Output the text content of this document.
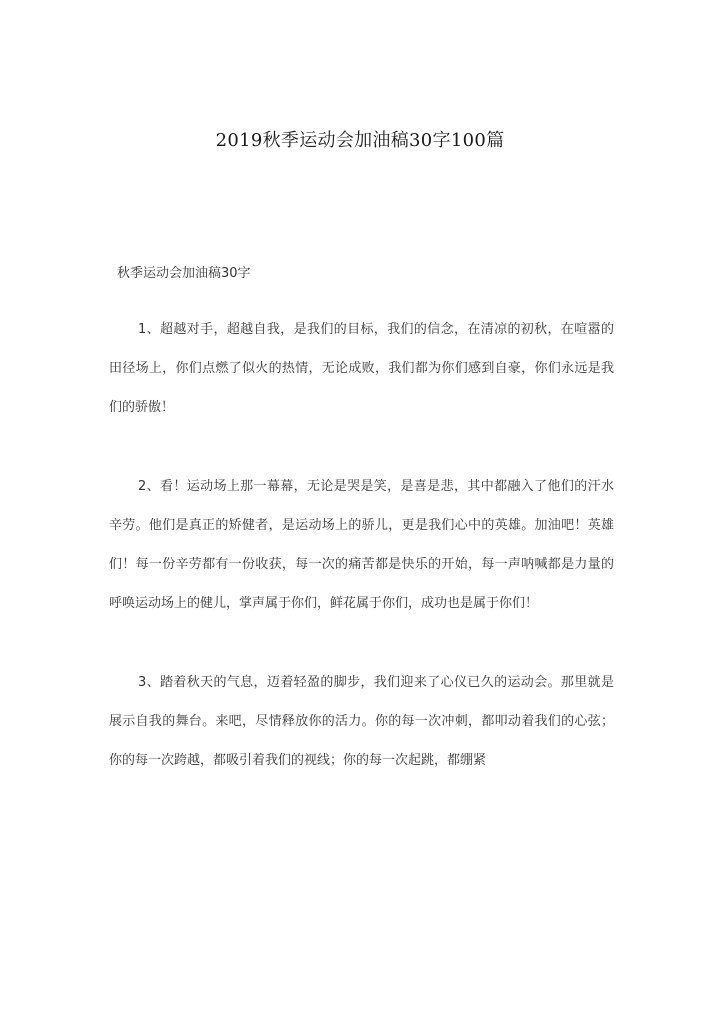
2019秋季运动会加油稿30字100篇
秋季运动会加油稿30字

1、超越对手，超越自我，是我们的目标，我们的信念，在清凉的初秋，在喧嚣的田径场上，你们点燃了似火的热情，无论成败，我们都为你们感到自豪，你们永远是我们的骄傲！

2、看！运动场上那一幕幕，无论是哭是笑，是喜是悲，其中都融入了他们的汗水辛劳。他们是真正的矫健者，是运动场上的骄儿，更是我们心中的英雄。加油吧！英雄们！每一份辛劳都有一份收获，每一次的痛苦都是快乐的开始，每一声呐喊都是力量的呼唤运动场上的健儿，掌声属于你们，鲜花属于你们，成功也是属于你们！

3、踏着秋天的气息，迈着轻盈的脚步，我们迎来了心仪已久的运动会。那里就是展示自我的舞台。来吧，尽情释放你的活力。你的每一次冲刺，都叩动着我们的心弦；你的每一次跨越，都吸引着我们的视线；你的每一次起跳，都绷紧
